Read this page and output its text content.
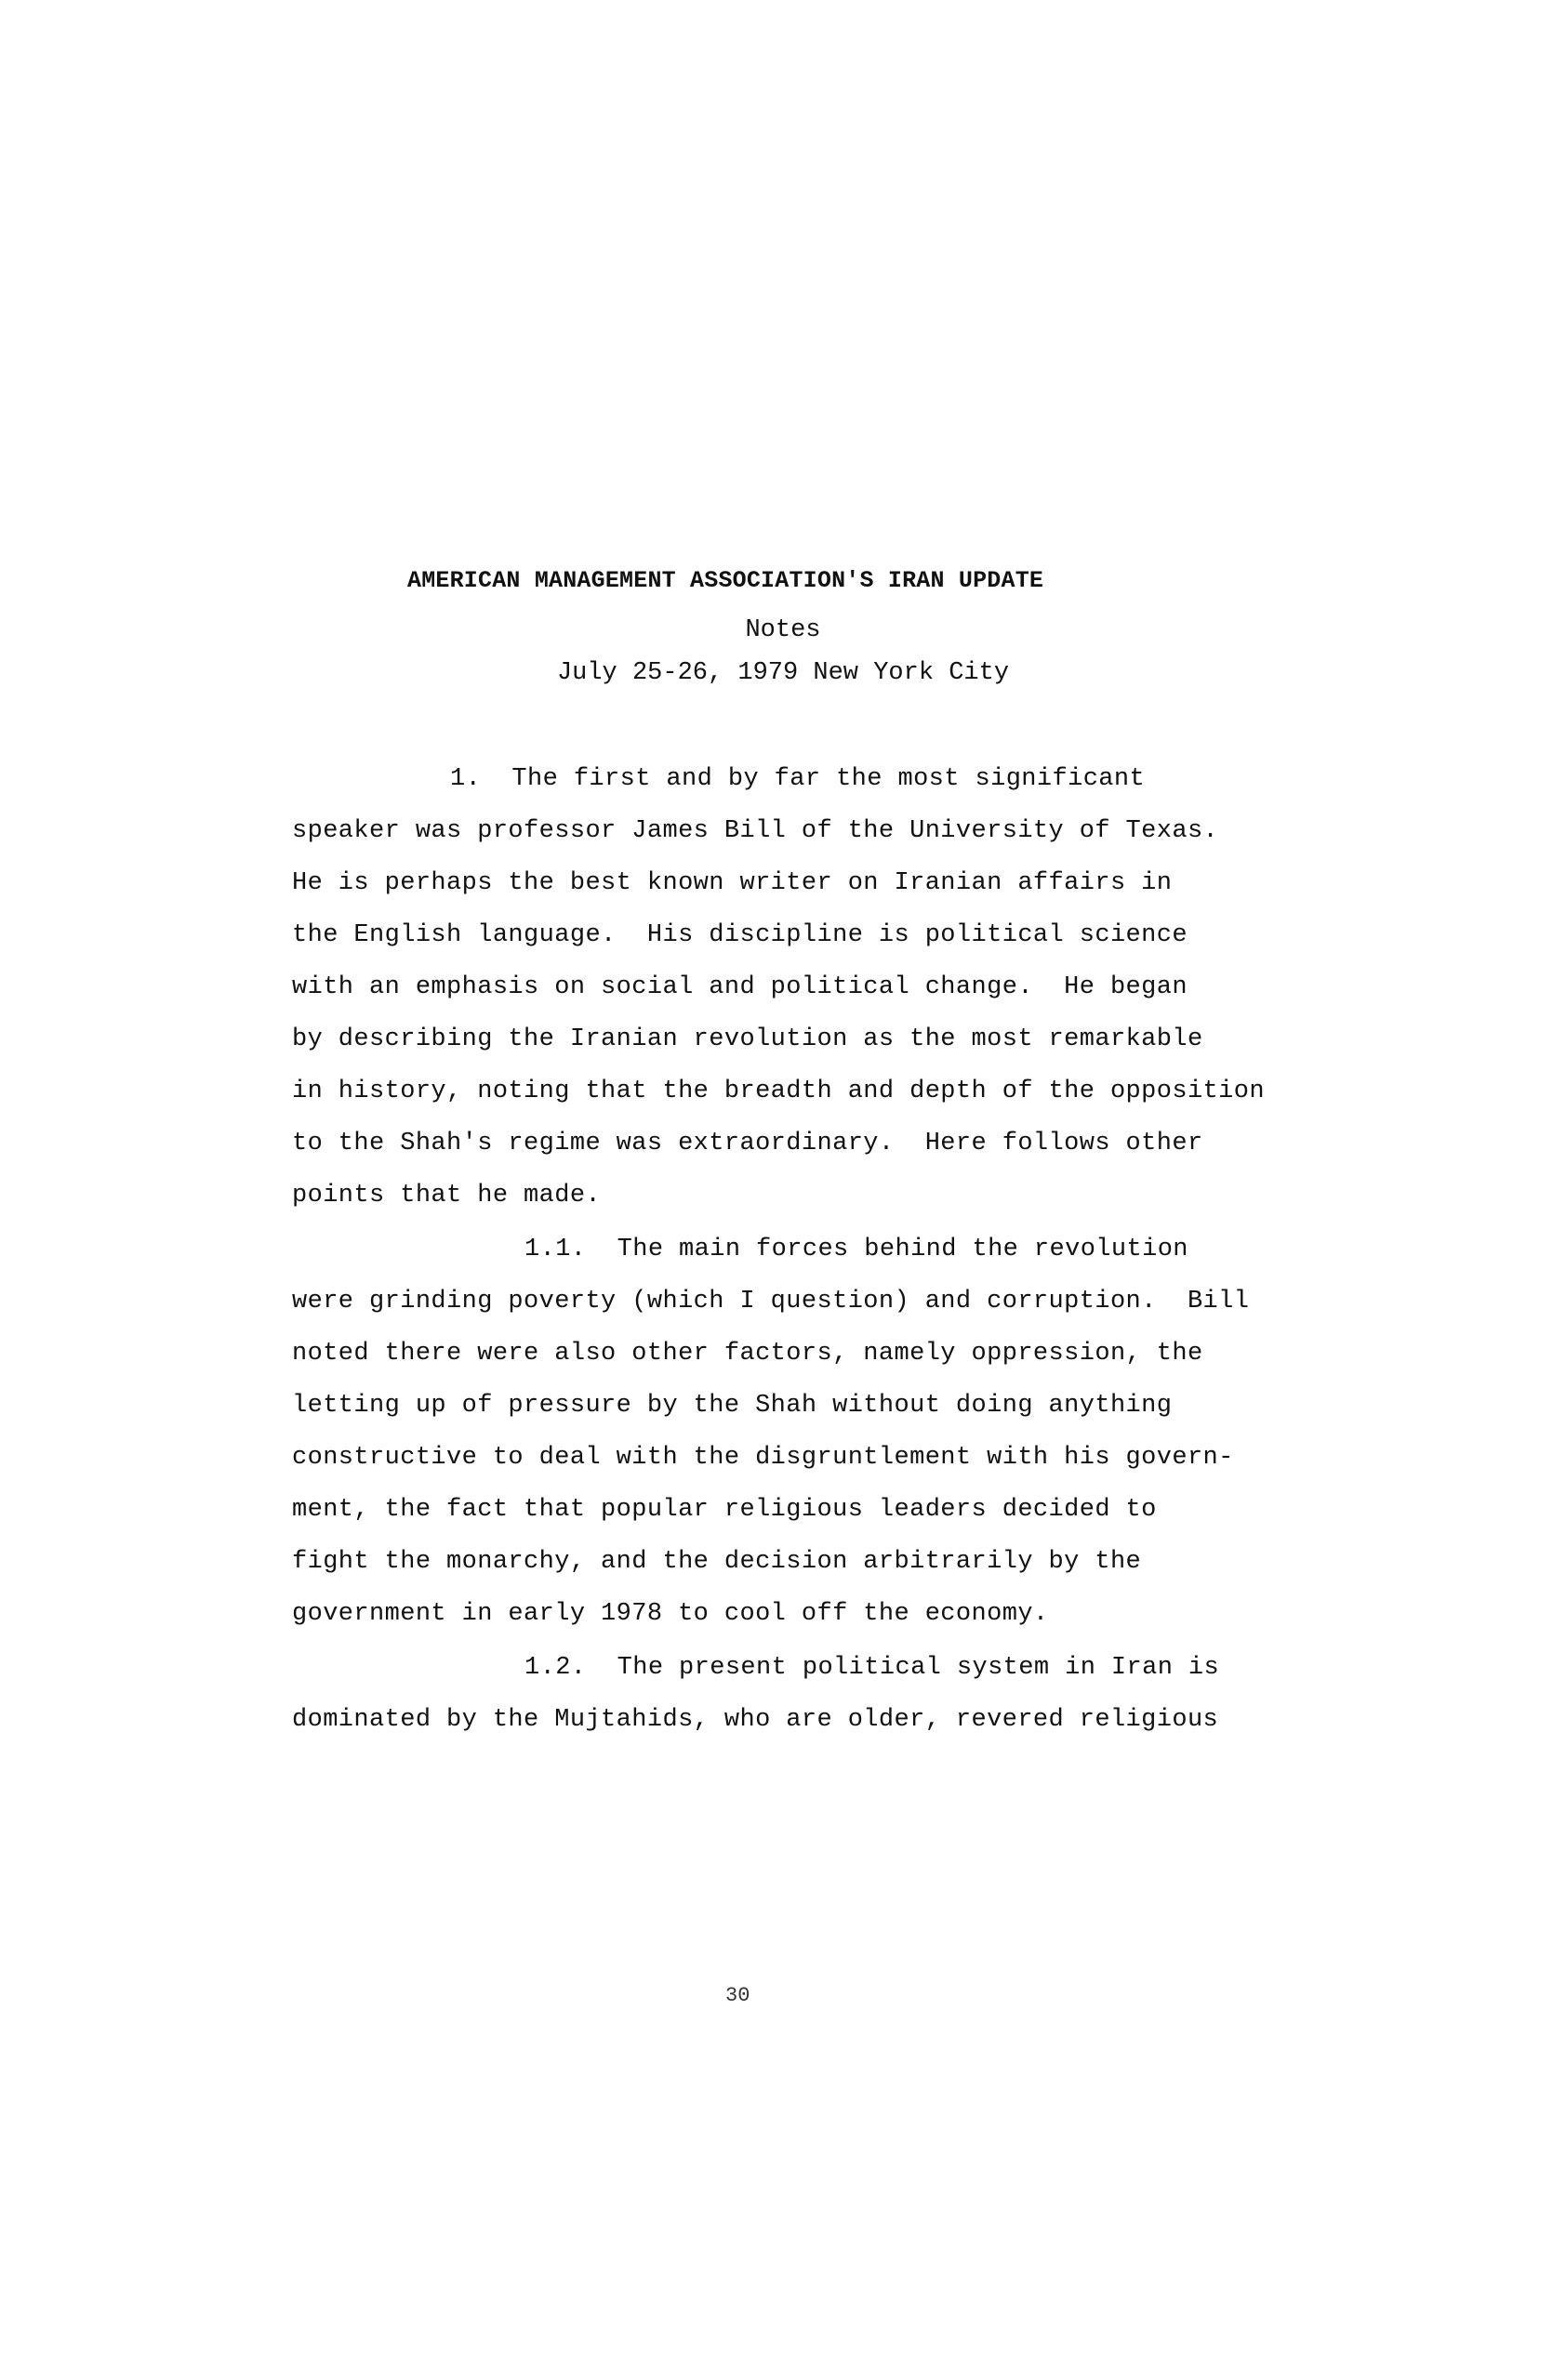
AMERICAN MANAGEMENT ASSOCIATION'S IRAN UPDATE
Notes
July 25-26, 1979 New York City
1.  The first and by far the most significant
speaker was professor James Bill of the University of Texas.
He is perhaps the best known writer on Iranian affairs in
the English language.  His discipline is political science
with an emphasis on social and political change.  He began
by describing the Iranian revolution as the most remarkable
in history, noting that the breadth and depth of the opposition
to the Shah's regime was extraordinary.  Here follows other
points that he made.
1.1.  The main forces behind the revolution
were grinding poverty (which I question) and corruption.  Bill
noted there were also other factors, namely oppression, the
letting up of pressure by the Shah without doing anything
constructive to deal with the disgruntlement with his govern-
ment, the fact that popular religious leaders decided to
fight the monarchy, and the decision arbitrarily by the
government in early 1978 to cool off the economy.
1.2.  The present political system in Iran is
dominated by the Mujtahids, who are older, revered religious
30
